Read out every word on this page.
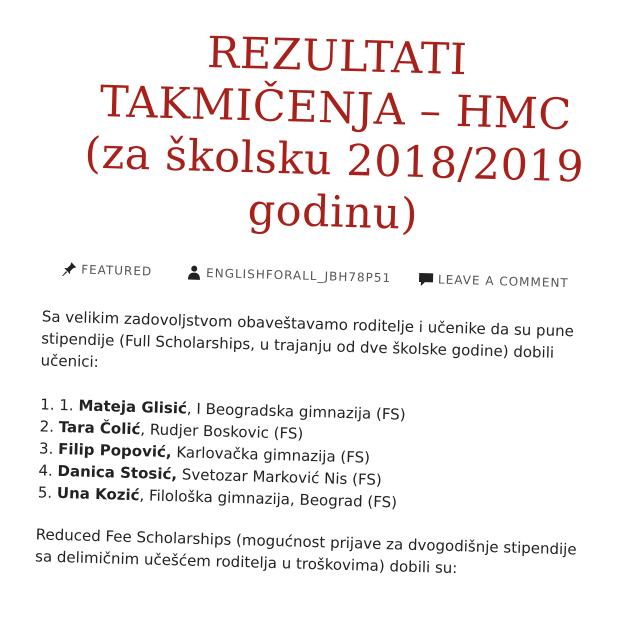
REZULTATI TAKMIČENJA – HMC (za školsku 2018/2019 godinu)
FEATURED	ENGLISHFORALL_JBH78P51	LEAVE A COMMENT

Sa velikim zadovoljstvom obaveštavamo roditelje i učenike da su pune stipendije (Full Scholarships, u trajanju od dve školske godine) dobili učenici:

1. 1. Mateja Glisić, I Beogradska gimnazija (FS)
2. Tara Čolić, Rudjer Boskovic (FS)
3. Filip Popović, Karlovačka gimnazija (FS)
4. Danica Stosić, Svetozar Marković Nis (FS)
5. Una Kozić, Filološka gimnazija, Beograd (FS)

Reduced Fee Scholarships (mogućnost prijave za dvogodišnje stipendije sa delimičnim učešćem roditelja u troškovima) dobili su:
